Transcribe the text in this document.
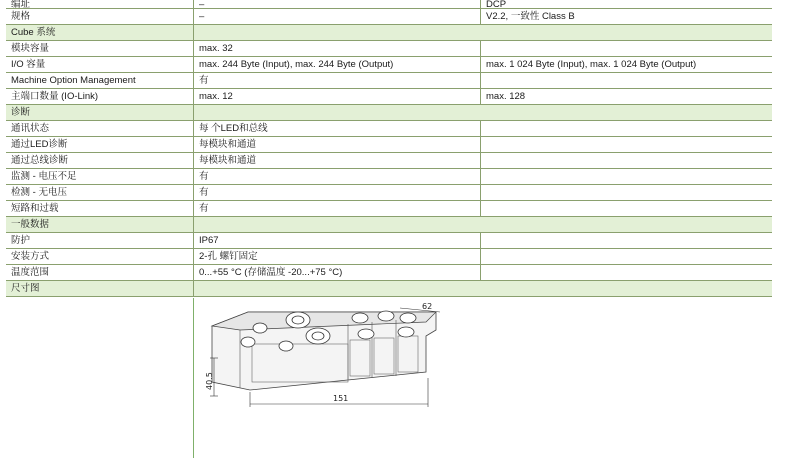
编址	–	DCP
规格	–	V2.2, 一致性 Class B
Cube 系统
模块容量	max. 32
I/O 容量	max. 244 Byte (Input), max. 244 Byte (Output)	max. 1 024 Byte (Input), max. 1 024 Byte (Output)
Machine Option Management	有
主端口数量 (IO-Link)	max. 12	max. 128
诊断
通讯状态	每 个LED和总线
通过LED诊断	每模块和通道
通过总线诊断	每模块和通道
监测 - 电压不足	有
检测 - 无电压	有
短路和过载	有
一般数据
防护	IP67
安装方式	2-孔 螺钉固定
温度范围	0...+55 °C (存储温度 -20...+75 °C)
尺寸图
62
40.5
151
